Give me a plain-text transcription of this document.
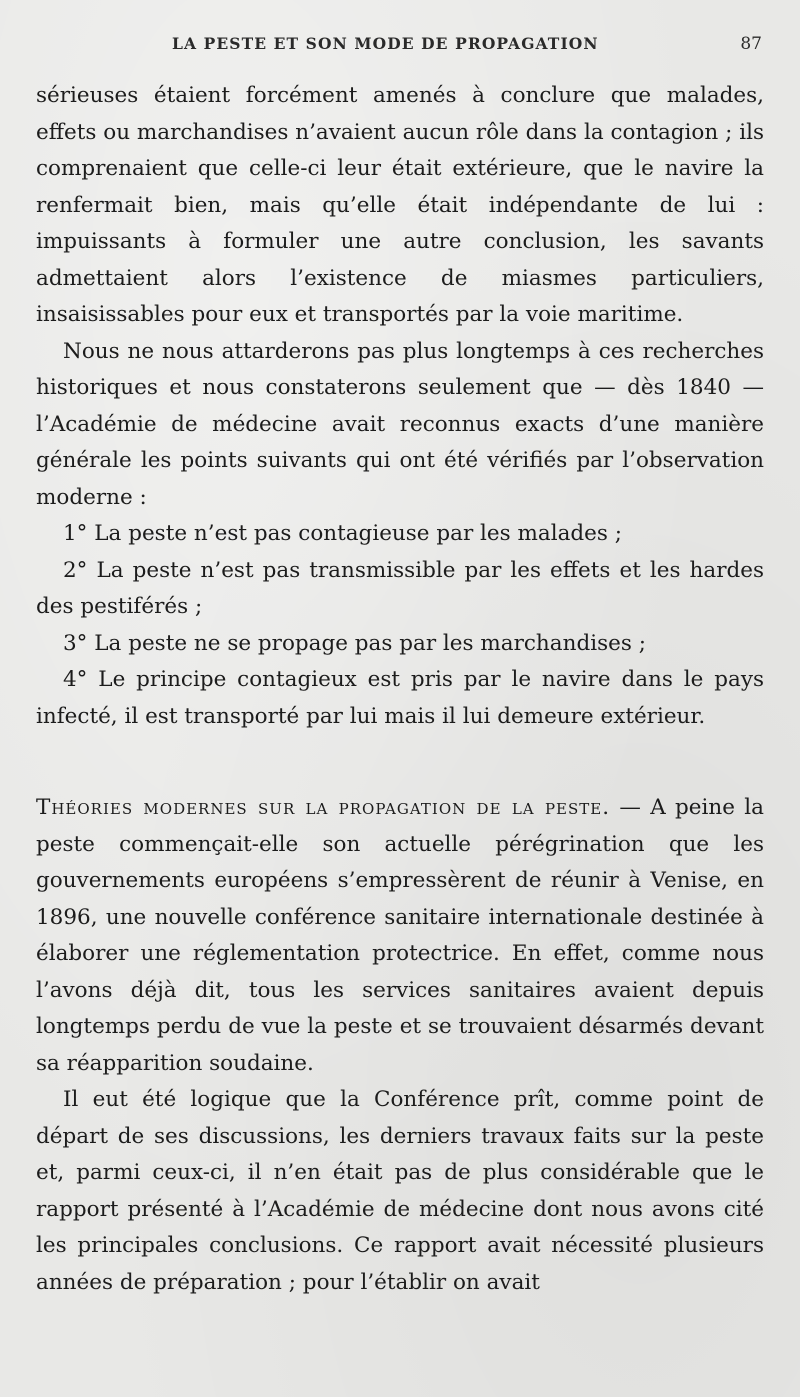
LA PESTE ET SON MODE DE PROPAGATION	87

sérieuses étaient forcément amenés à conclure que malades, effets ou marchandises n’avaient aucun rôle dans la contagion ; ils comprenaient que celle-ci leur était extérieure, que le navire la renfermait bien, mais qu’elle était indépendante de lui : impuissants à formuler une autre conclusion, les savants admettaient alors l’existence de miasmes particuliers, insaisissables pour eux et transportés par la voie maritime.

Nous ne nous attarderons pas plus longtemps à ces recherches historiques et nous constaterons seulement que — dès 1840 — l’Académie de médecine avait reconnus exacts d’une manière générale les points suivants qui ont été vérifiés par l’observation moderne :

1° La peste n’est pas contagieuse par les malades ;

2° La peste n’est pas transmissible par les effets et les hardes des pestiférés ;

3° La peste ne se propage pas par les marchandises ;

4° Le principe contagieux est pris par le navire dans le pays infecté, il est transporté par lui mais il lui demeure extérieur.

Théories modernes sur la propagation de la peste. — A peine la peste commençait-elle son actuelle pérégrination que les gouvernements européens s’empressèrent de réunir à Venise, en 1896, une nouvelle conférence sanitaire internationale destinée à élaborer une réglementation protectrice. En effet, comme nous l’avons déjà dit, tous les services sanitaires avaient depuis longtemps perdu de vue la peste et se trouvaient désarmés devant sa réapparition soudaine.

Il eut été logique que la Conférence prît, comme point de départ de ses discussions, les derniers travaux faits sur la peste et, parmi ceux-ci, il n’en était pas de plus considérable que le rapport présenté à l’Académie de médecine dont nous avons cité les principales conclusions. Ce rapport avait nécessité plusieurs années de préparation ; pour l’établir on avait
